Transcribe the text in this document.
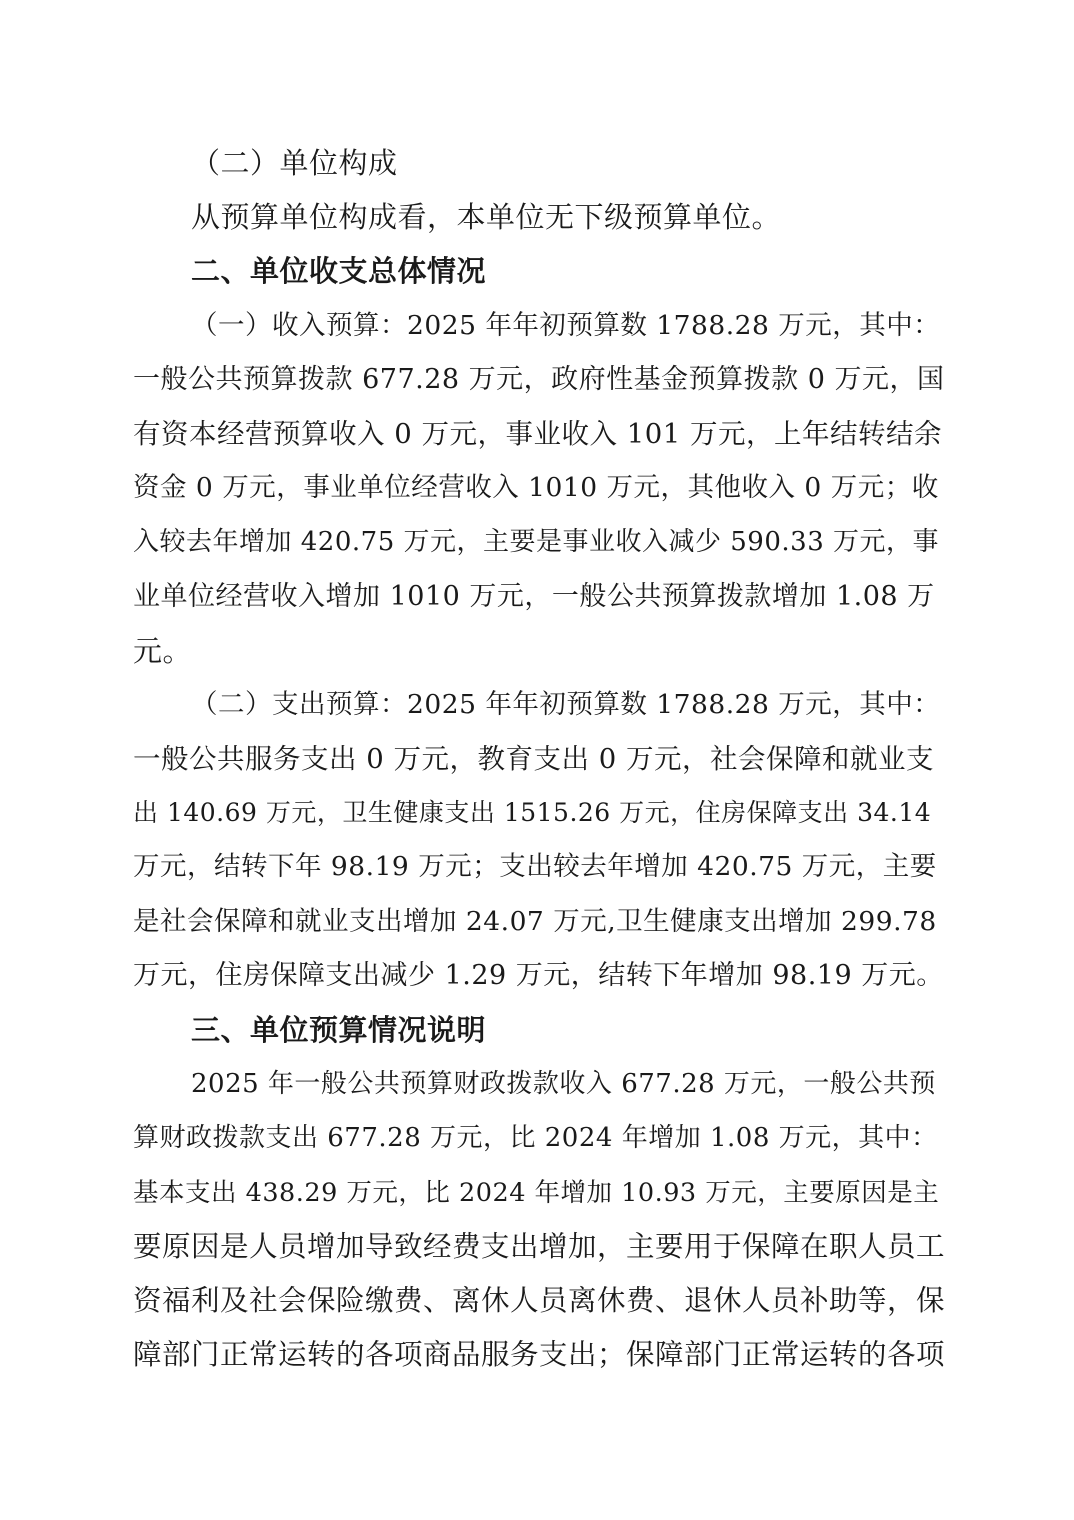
（二）单位构成
从预算单位构成看，本单位无下级预算单位。
二、单位收支总体情况
（一）收入预算：2025 年年初预算数 1788.28 万元，其中：
一般公共预算拨款 677.28 万元，政府性基金预算拨款 0 万元，国
有资本经营预算收入 0 万元，事业收入 101 万元，上年结转结余
资金 0 万元，事业单位经营收入 1010 万元，其他收入 0 万元；收
入较去年增加 420.75 万元，主要是事业收入减少 590.33 万元，事
业单位经营收入增加 1010 万元，一般公共预算拨款增加 1.08 万
元。
（二）支出预算：2025 年年初预算数 1788.28 万元，其中：
一般公共服务支出 0 万元，教育支出 0 万元，社会保障和就业支
出 140.69 万元，卫生健康支出 1515.26 万元，住房保障支出 34.14
万元，结转下年 98.19 万元；支出较去年增加 420.75 万元，主要
是社会保障和就业支出增加 24.07 万元,卫生健康支出增加 299.78
万元，住房保障支出减少 1.29 万元，结转下年增加 98.19 万元。
三、单位预算情况说明
2025 年一般公共预算财政拨款收入 677.28 万元，一般公共预
算财政拨款支出 677.28 万元，比 2024 年增加 1.08 万元，其中：
基本支出 438.29 万元，比 2024 年增加 10.93 万元，主要原因是主
要原因是人员增加导致经费支出增加，主要用于保障在职人员工
资福利及社会保险缴费、离休人员离休费、退休人员补助等，保
障部门正常运转的各项商品服务支出；保障部门正常运转的各项
